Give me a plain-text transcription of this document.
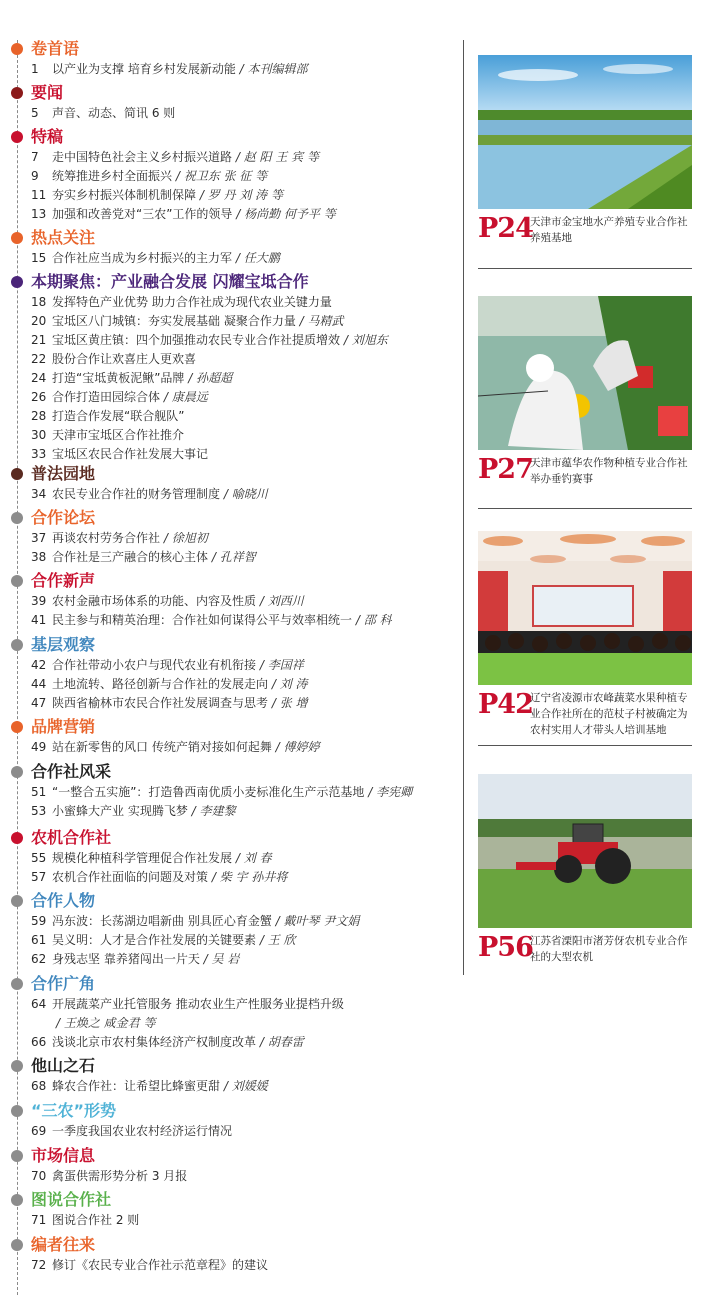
卷首语
1	以产业为支撑 培育乡村发展新动能 / 本刊编辑部
要闻
5	声音、动态、简讯 6 则
特稿
7	走中国特色社会主义乡村振兴道路 / 赵 阳 王 宾 等
9	统筹推进乡村全面振兴 / 祝卫东 张 征 等
11 夯实乡村振兴体制机制保障 / 罗 丹 刘 涛 等
13 加强和改善党对“三农”工作的领导 / 杨尚勤 何予平 等
热点关注
15 合作社应当成为乡村振兴的主力军 / 任大鹏
本期聚焦：产业融合发展 闪耀宝坻合作
18 发挥特色产业优势 助力合作社成为现代农业关键力量
20 宝坻区八门城镇：夯实发展基础 凝聚合作力量 / 马精武
21 宝坻区黄庄镇：四个加强推动农民专业合作社提质增效 / 刘旭东
22 股份合作让欢喜庄人更欢喜
24 打造“宝坻黄板泥鳅”品牌 / 孙超超
26 合作打造田园综合体 / 康晨远
28 打造合作发展“联合舰队”
30 天津市宝坻区合作社推介
33 宝坻区农民合作社发展大事记
普法园地
34 农民专业合作社的财务管理制度 / 喻晓川
合作论坛
37 再谈农村劳务合作社 / 徐旭初
38 合作社是三产融合的核心主体 / 孔祥智
合作新声
39 农村金融市场体系的功能、内容及性质 / 刘西川
41 民主参与和精英治理：合作社如何谋得公平与效率相统一 / 邵 科
基层观察
42 合作社带动小农户与现代农业有机衔接 / 李国祥
44 土地流转、路径创新与合作社的发展走向 / 刘 涛
47 陕西省榆林市农民合作社发展调查与思考 / 张 增
品牌营销
49 站在新零售的风口 传统产销对接如何起舞 / 傅婷婷
合作社风采
51 “一整合五实施”：打造鲁西南优质小麦标准化生产示范基地 / 李宪卿
53 小蜜蜂大产业 实现腾飞梦 / 李建黎
农机合作社
55 规模化种植科学管理促合作社发展 / 刘 春
57 农机合作社面临的问题及对策 / 柴 宇 孙井将
合作人物
59 冯东波：长荡湖边唱新曲 别具匠心育金蟹 / 戴叶琴 尹文娟
61 吴义明：人才是合作社发展的关键要素 / 王 欣
62 身残志坚 靠养猪闯出一片天 / 吴 岩
合作广角
64 开展蔬菜产业托管服务 推动农业生产性服务业提档升级
/ 王焕之 咸金君 等
66 浅谈北京市农村集体经济产权制度改革 / 胡春雷
他山之石
68 蜂农合作社：让希望比蜂蜜更甜 / 刘媛媛
“三农”形势
69 一季度我国农业农村经济运行情况
市场信息
70 禽蛋供需形势分析 3 月报
图说合作社
71 图说合作社 2 则
编者往来
72 修订《农民专业合作社示范章程》的建议
P24
天津市金宝地水产养殖专业合作社养殖基地
P27
天津市蕴华农作物种植专业合作社举办垂钓赛事
P42
辽宁省凌源市农峰蔬菜水果种植专业合作社所在的范杖子村被确定为农村实用人才带头人培训基地
P56
江苏省溧阳市渚芳伢农机专业合作社的大型农机
